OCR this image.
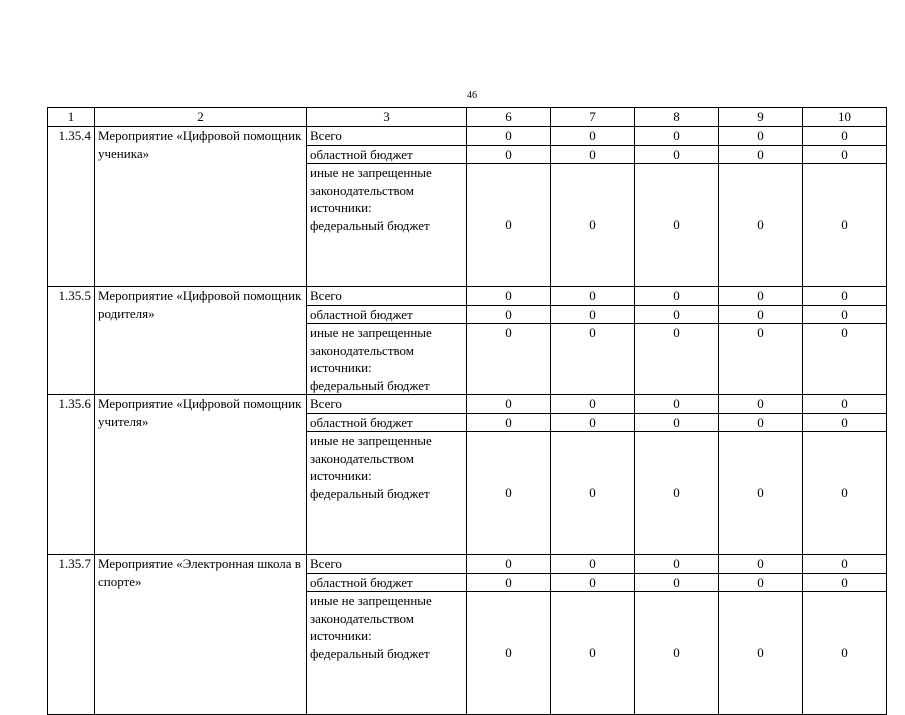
46
1	2	3	6	7	8	9	10
1.35.4	Мероприятие «Цифровой помощник ученика»	Всего	0	0	0	0	0
		областной бюджет	0	0	0	0	0

		иные не запрещенные
законодательством
источники:
федеральный бюджет	0	0	0	0	0
1.35.5	Мероприятие «Цифровой помощник родителя»	Всего	0	0	0	0	0
		областной бюджет	0	0	0	0	0

		иные не запрещенные
законодательством
источники:
федеральный бюджет	0	0	0	0	0
1.35.6	Мероприятие «Цифровой помощник учителя»	Всего	0	0	0	0	0
		областной бюджет	0	0	0	0	0

		иные не запрещенные
законодательством
источники:
федеральный бюджет	0	0	0	0	0
1.35.7	Мероприятие «Электронная школа в спорте»	Всего	0	0	0	0	0
		областной бюджет	0	0	0	0	0

		иные не запрещенные
законодательством
источники:
федеральный бюджет	0	0	0	0	0
